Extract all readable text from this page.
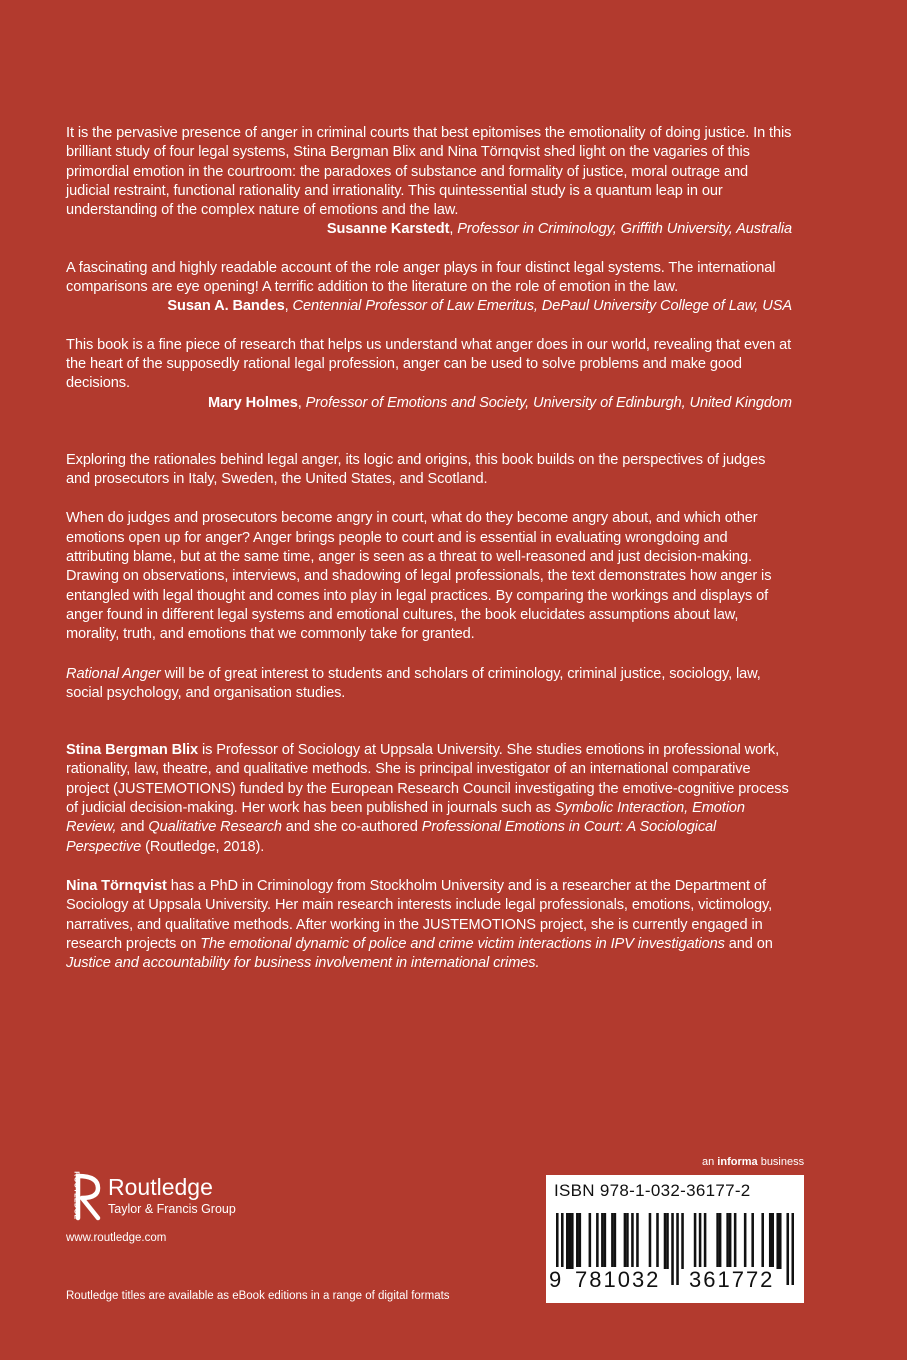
It is the pervasive presence of anger in criminal courts that best epitomises the emotionality of doing justice. In this brilliant study of four legal systems, Stina Bergman Blix and Nina Törnqvist shed light on the vagaries of this primordial emotion in the courtroom: the paradoxes of substance and formality of justice, moral outrage and judicial restraint, functional rationality and irrationality. This quintessential study is a quantum leap in our understanding of the complex nature of emotions and the law.

Susanne Karstedt, Professor in Criminology, Griffith University, Australia

A fascinating and highly readable account of the role anger plays in four distinct legal systems. The international comparisons are eye opening! A terrific addition to the literature on the role of emotion in the law.

Susan A. Bandes, Centennial Professor of Law Emeritus, DePaul University College of Law, USA

This book is a fine piece of research that helps us understand what anger does in our world, revealing that even at the heart of the supposedly rational legal profession, anger can be used to solve problems and make good decisions.

Mary Holmes, Professor of Emotions and Society, University of Edinburgh, United Kingdom

Exploring the rationales behind legal anger, its logic and origins, this book builds on the perspectives of judges and prosecutors in Italy, Sweden, the United States, and Scotland.

When do judges and prosecutors become angry in court, what do they become angry about, and which other emotions open up for anger? Anger brings people to court and is essential in evaluating wrongdoing and attributing blame, but at the same time, anger is seen as a threat to well-reasoned and just decision-making. Drawing on observations, interviews, and shadowing of legal professionals, the text demonstrates how anger is entangled with legal thought and comes into play in legal practices. By comparing the workings and displays of anger found in different legal systems and emotional cultures, the book elucidates assumptions about law, morality, truth, and emotions that we commonly take for granted.

Rational Anger will be of great interest to students and scholars of criminology, criminal justice, sociology, law, social psychology, and organisation studies.

Stina Bergman Blix is Professor of Sociology at Uppsala University. She studies emotions in professional work, rationality, law, theatre, and qualitative methods. She is principal investigator of an international comparative project (JUSTEMOTIONS) funded by the European Research Council investigating the emotive-cognitive process of judicial decision-making. Her work has been published in journals such as Symbolic Interaction, Emotion Review, and Qualitative Research and she co-authored Professional Emotions in Court: A Sociological Perspective (Routledge, 2018).

Nina Törnqvist has a PhD in Criminology from Stockholm University and is a researcher at the Department of Sociology at Uppsala University. Her main research interests include legal professionals, emotions, victimology, narratives, and qualitative methods. After working in the JUSTEMOTIONS project, she is currently engaged in research projects on The emotional dynamic of police and crime victim interactions in IPV investigations and on Justice and accountability for business involvement in international crimes.

ROUTLEDGE Routledge
Taylor & Francis Group
www.routledge.com
Routledge titles are available as eBook editions in a range of digital formats
an informa business
ISBN 978-1-032-36177-2
9 781032 361772
